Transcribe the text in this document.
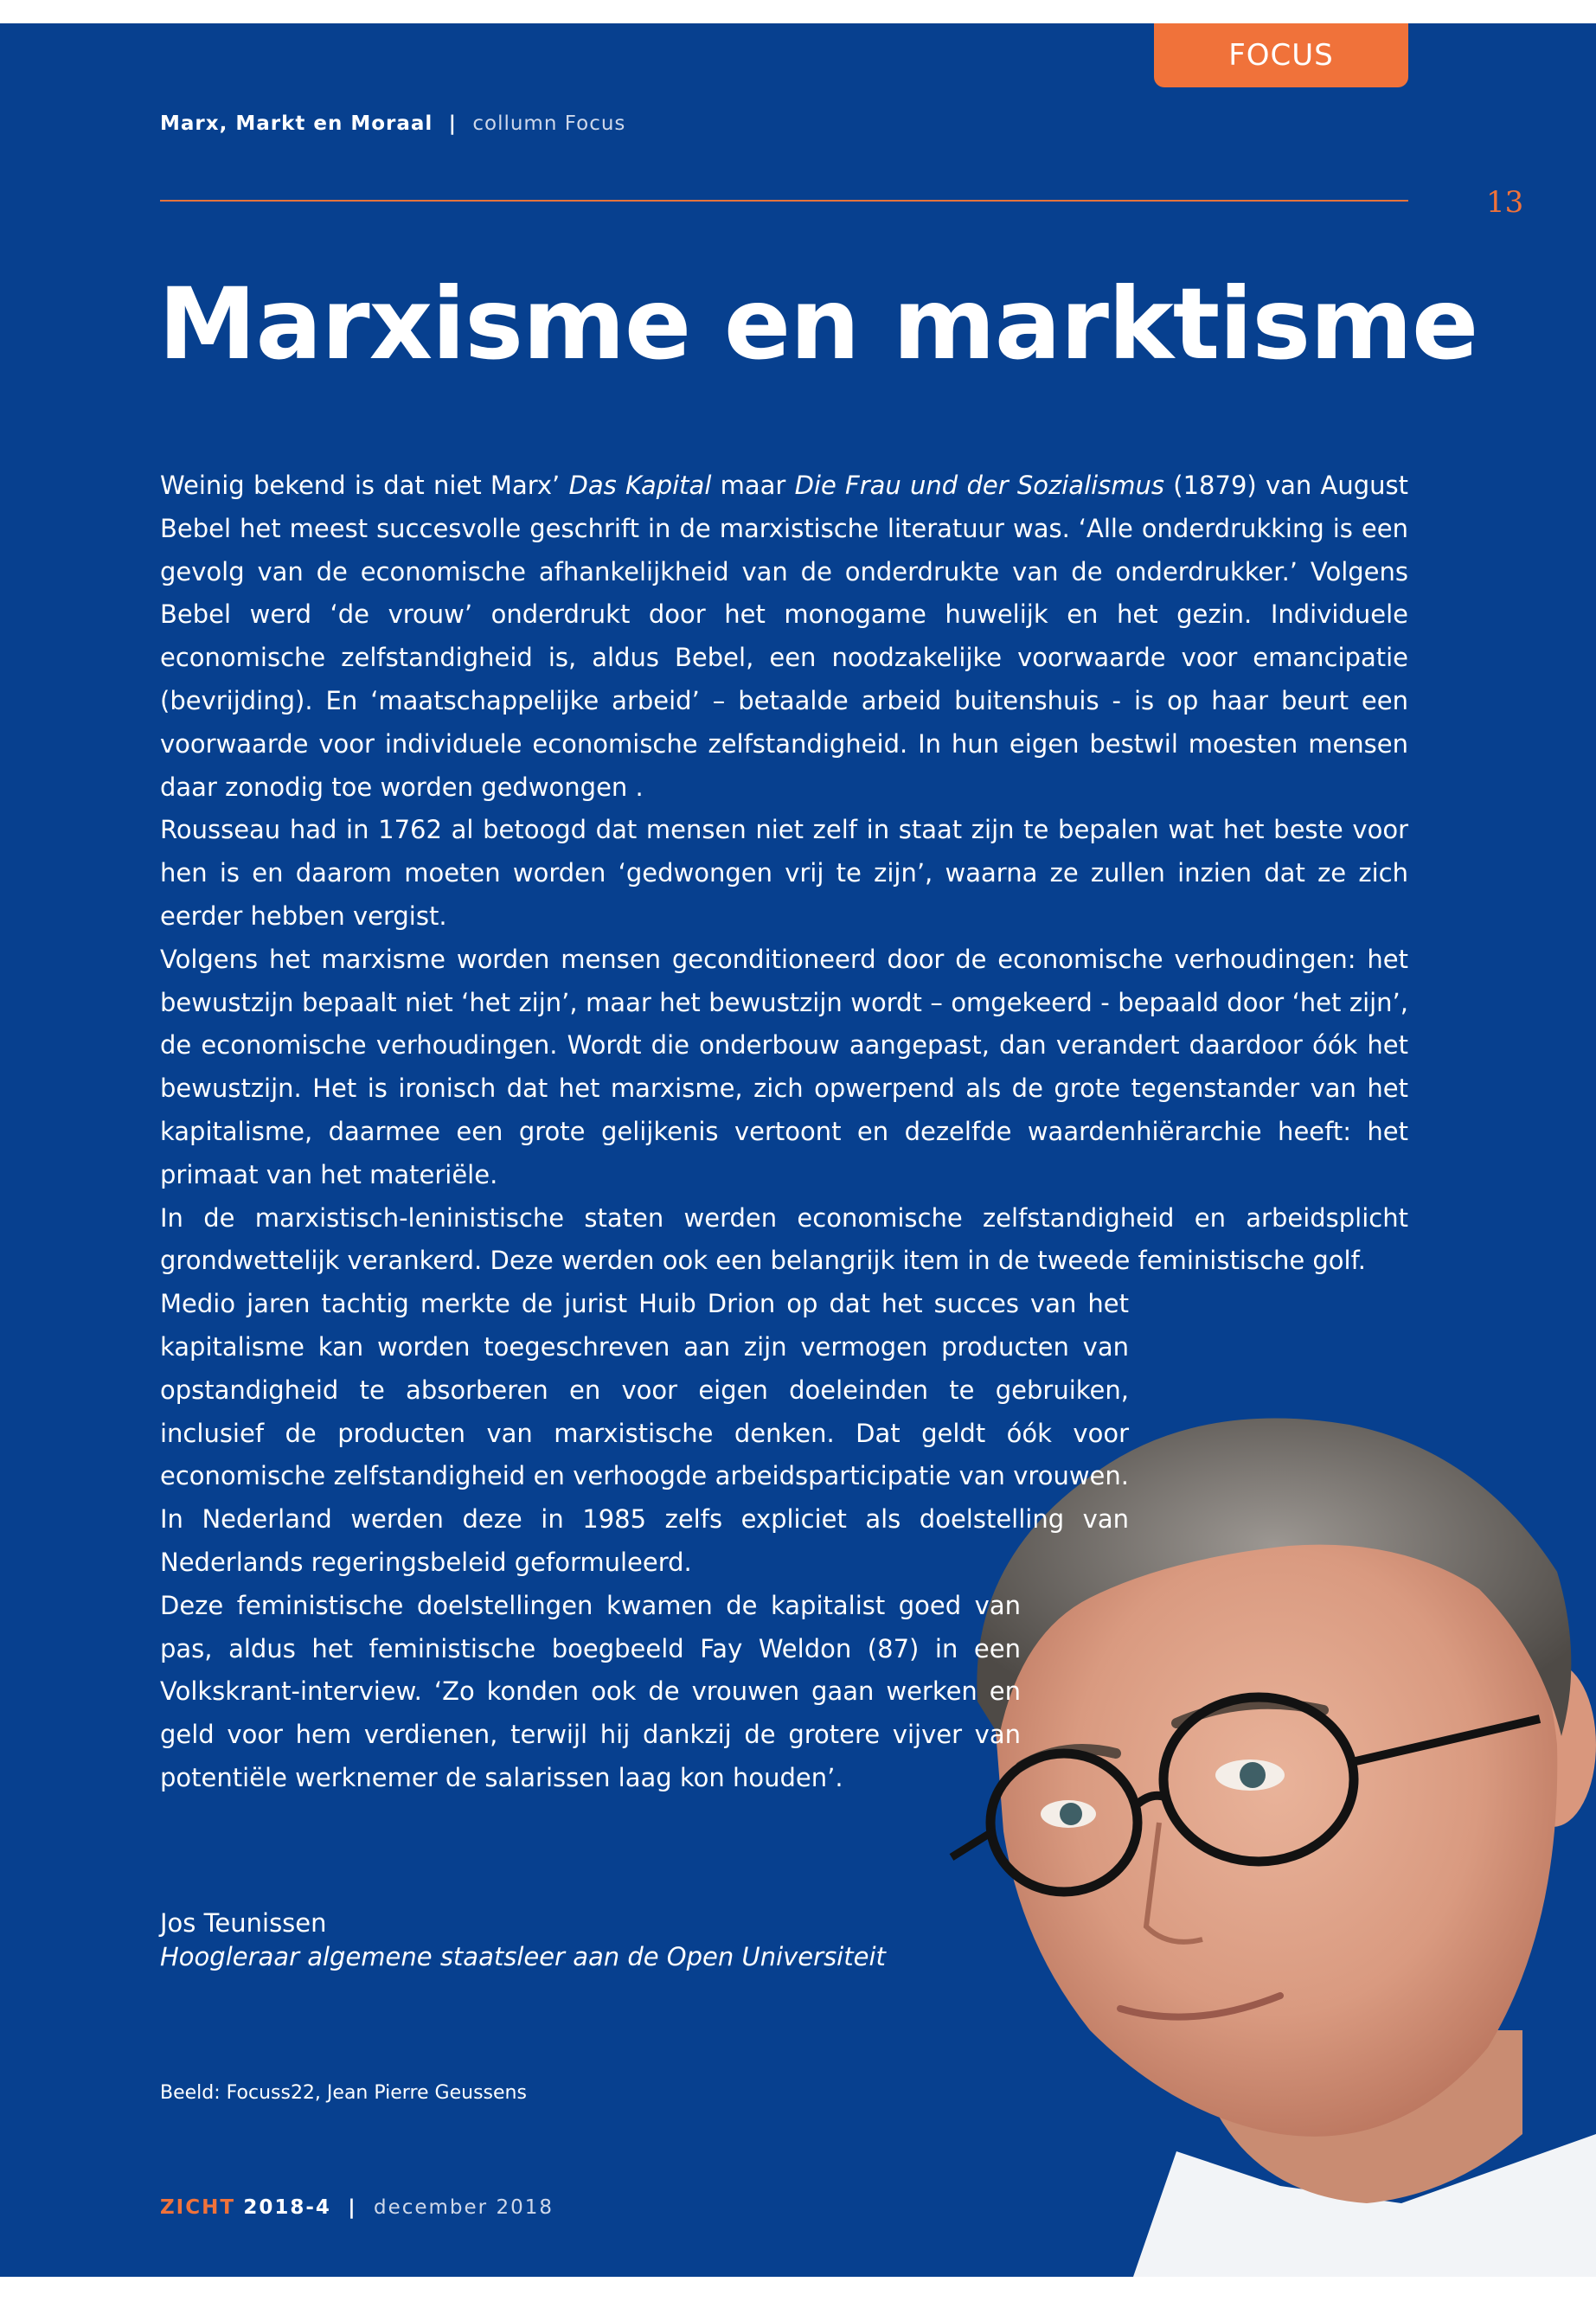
FOCUS
Marx, Markt en Moraal | collumn Focus
13
Marxisme en marktisme

Weinig bekend is dat niet Marx’ Das Kapital maar Die Frau und der Sozialismus (1879) van August Bebel het meest succesvolle geschrift in de marxistische literatuur was. ‘Alle onderdrukking is een gevolg van de economische afhankelijkheid van de onderdrukte van de onderdrukker.’ Volgens Bebel werd ‘de vrouw’ onderdrukt door het monogame huwelijk en het gezin. Individuele economische zelfstandigheid is, aldus Bebel, een noodzakelijke voorwaarde voor emancipatie (bevrijding). En ‘maatschappelijke arbeid’ – betaalde arbeid buitenshuis - is op haar beurt een voorwaarde voor individuele economische zelfstandigheid. In hun eigen bestwil moesten mensen daar zonodig toe worden gedwongen .

Rousseau had in 1762 al betoogd dat mensen niet zelf in staat zijn te bepalen wat het beste voor hen is en daarom moeten worden ‘gedwongen vrij te zijn’, waarna ze zullen inzien dat ze zich eerder hebben vergist.

Volgens het marxisme worden mensen geconditioneerd door de economische verhoudingen: het bewustzijn bepaalt niet ‘het zijn’, maar het bewustzijn wordt – omgekeerd - bepaald door ‘het zijn’, de economische verhoudingen. Wordt die onderbouw aangepast, dan verandert daardoor óók het bewustzijn. Het is ironisch dat het marxisme, zich opwerpend als de grote tegenstander van het kapitalisme, daarmee een grote gelijkenis vertoont en dezelfde waardenhiërarchie heeft: het primaat van het materiële.

In de marxistisch-leninistische staten werden economische zelfstandigheid en arbeidsplicht grondwettelijk verankerd. Deze werden ook een belangrijk item in de tweede feministische golf.

Medio jaren tachtig merkte de jurist Huib Drion op dat het succes van het kapitalisme kan worden toegeschreven aan zijn vermogen producten van opstandigheid te absorberen en voor eigen doeleinden te gebruiken, inclusief de producten van marxistische denken. Dat geldt óók voor economische zelfstandigheid en verhoogde arbeidsparticipatie van vrouwen. In Nederland werden deze in 1985 zelfs expliciet als doelstelling van Nederlands regeringsbeleid geformuleerd.

Deze feministische doelstellingen kwamen de kapitalist goed van pas, aldus het feministische boegbeeld Fay Weldon (87) in een Volkskrant-interview. ‘Zo konden ook de vrouwen gaan werken en geld voor hem verdienen, terwijl hij dankzij de grotere vijver van potentiële werknemer de salarissen laag kon houden’.

Jos Teunissen
Hoogleraar algemene staatsleer aan de Open Universiteit
Beeld: Focuss22, Jean Pierre Geussens
ZICHT 2018-4 | december 2018
